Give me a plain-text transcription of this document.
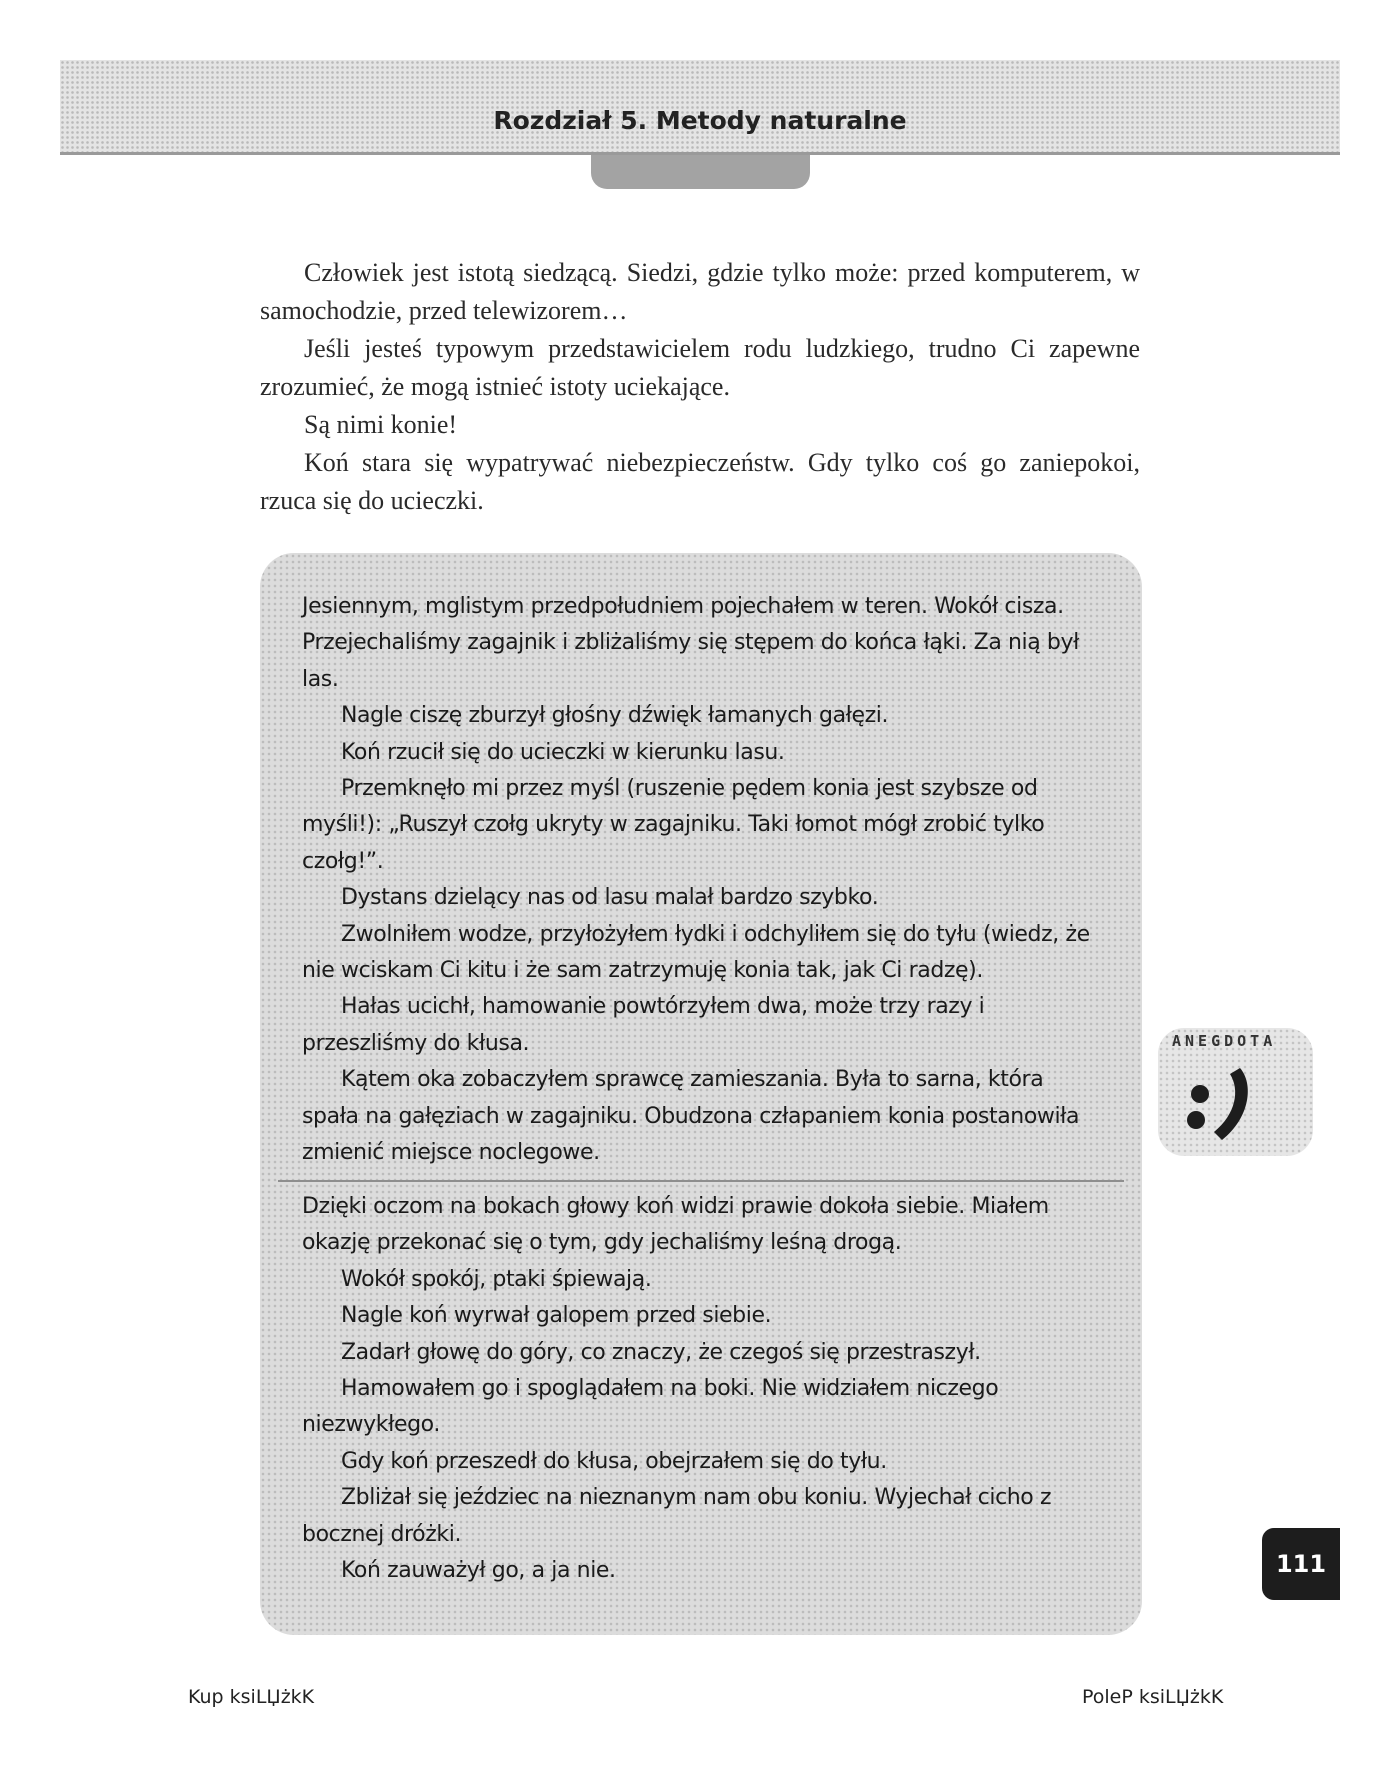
Rozdział 5. Metody naturalne

Człowiek jest istotą siedzącą. Siedzi, gdzie tylko może: przed komputerem, w samochodzie, przed telewizorem…

Jeśli jesteś typowym przedstawicielem rodu ludzkiego, trudno Ci zapewne zrozumieć, że mogą istnieć istoty uciekające.

Są nimi konie!

Koń stara się wypatrywać niebezpieczeństw. Gdy tylko coś go zaniepokoi, rzuca się do ucieczki.

Jesiennym, mglistym przedpołudniem pojechałem w teren. Wokół cisza. Przejechaliśmy zagajnik i zbliżaliśmy się stępem do końca łąki. Za nią był las.

Nagle ciszę zburzył głośny dźwięk łamanych gałęzi.

Koń rzucił się do ucieczki w kierunku lasu.

Przemknęło mi przez myśl (ruszenie pędem konia jest szybsze od myśli!): „Ruszył czołg ukryty w zagajniku. Taki łomot mógł zrobić tylko czołg!”.

Dystans dzielący nas od lasu malał bardzo szybko.

Zwolniłem wodze, przyłożyłem łydki i odchyliłem się do tyłu (wiedz, że nie wciskam Ci kitu i że sam zatrzymuję konia tak, jak Ci radzę).

Hałas ucichł, hamowanie powtórzyłem dwa, może trzy razy i przeszliśmy do kłusa.

Kątem oka zobaczyłem sprawcę zamieszania. Była to sarna, która spała na gałęziach w zagajniku. Obudzona człapaniem konia postanowiła zmienić miejsce noclegowe.

Dzięki oczom na bokach głowy koń widzi prawie dokoła siebie. Miałem okazję przekonać się o tym, gdy jechaliśmy leśną drogą.

Wokół spokój, ptaki śpiewają.

Nagle koń wyrwał galopem przed siebie.

Zadarł głowę do góry, co znaczy, że czegoś się przestraszył.

Hamowałem go i spoglądałem na boki. Nie widziałem niczego niezwykłego.

Gdy koń przeszedł do kłusa, obejrzałem się do tyłu.

Zbliżał się jeździec na nieznanym nam obu koniu. Wyjechał cicho z bocznej dróżki.

Koń zauważył go, a ja nie.

ANEGDOTA
111
Kup ksiLЏżkK	PoleP ksiLЏżkK
